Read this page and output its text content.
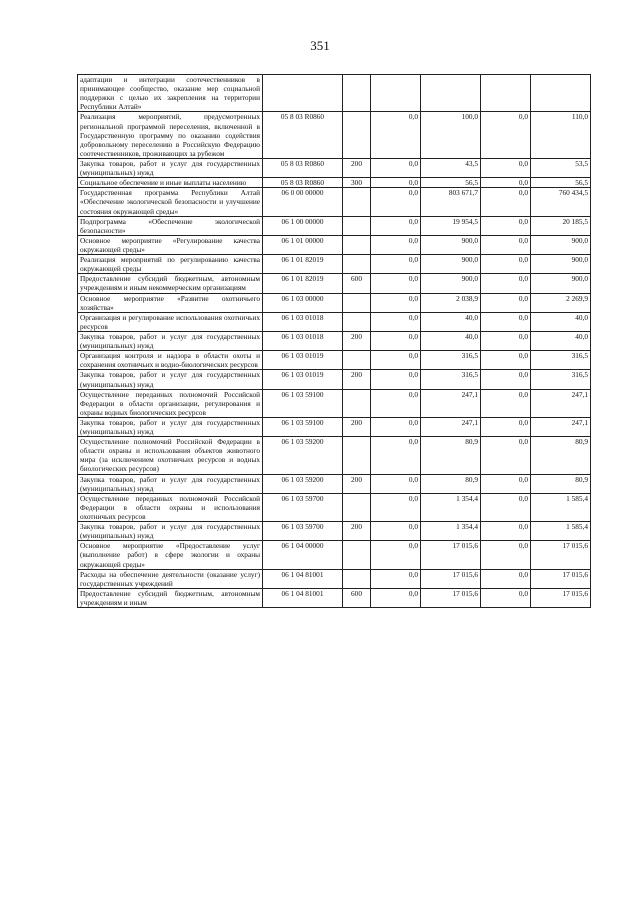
351
адаптации и интеграции соотечественников в принимающее сообщество, оказание мер социальной поддержки с целью их закрепления на территории Республики Алтай»						
Реализация мероприятий, предусмотренных региональной программой переселения, включенной в Государственную программу по оказанию содействия добровольному переселению в Российскую Федерацию соотечественников, проживающих за рубежом	05 8 03 R0860		0,0	100,0	0,0	110,0
Закупка товаров, работ и услуг для государственных (муниципальных) нужд	05 8 03 R0860	200	0,0	43,5	0,0	53,5
Социальное обеспечение и иные выплаты населению	05 8 03 R0860	300	0,0	56,5	0,0	56,5
Государственная программа Республики Алтай «Обеспечение экологической безопасности и улучшение состояния окружающей среды»	06 0 00 00000		0,0	803 671,7	0,0	760 434,5
Подпрограмма «Обеспечение экологической безопасности»	06 1 00 00000		0,0	19 954,5	0,0	20 185,5
Основное мероприятие «Регулирование качества окружающей среды»	06 1 01 00000		0,0	900,0	0,0	900,0
Реализация мероприятий по регулированию качества окружающей среды	06 1 01 82019		0,0	900,0	0,0	900,0
Предоставление субсидий бюджетным, автономным учреждениям и иным некоммерческим организациям	06 1 01 82019	600	0,0	900,0	0,0	900,0
Основное мероприятие «Развитие охотничьего хозяйства»	06 1 03 00000		0,0	2 038,9	0,0	2 269,9
Организация и регулирование использования охотничьих ресурсов	06 1 03 01018		0,0	40,0	0,0	40,0
Закупка товаров, работ и услуг для государственных (муниципальных) нужд	06 1 03 01018	200	0,0	40,0	0,0	40,0
Организация контроля и надзора в области охоты и сохранения охотничьих и водно-биологических ресурсов	06 1 03 01019		0,0	316,5	0,0	316,5
Закупка товаров, работ и услуг для государственных (муниципальных) нужд	06 1 03 01019	200	0,0	316,5	0,0	316,5
Осуществление переданных полномочий Российской Федерации в области организации, регулирования и охраны водных биологических ресурсов	06 1 03 59100		0,0	247,1	0,0	247,1
Закупка товаров, работ и услуг для государственных (муниципальных) нужд	06 1 03 59100	200	0,0	247,1	0,0	247,1
Осуществление полномочий Российской Федерации в области охраны и использования объектов животного мира (за исключением охотничьих ресурсов и водных биологических ресурсов)	06 1 03 59200		0,0	80,9	0,0	80,9
Закупка товаров, работ и услуг для государственных (муниципальных) нужд	06 1 03 59200	200	0,0	80,9	0,0	80,9
Осуществление переданных полномочий Российской Федерации в области охраны и использования охотничьих ресурсов	06 1 03 59700		0,0	1 354,4	0,0	1 585,4
Закупка товаров, работ и услуг для государственных (муниципальных) нужд	06 1 03 59700	200	0,0	1 354,4	0,0	1 585,4
Основное мероприятие «Предоставление услуг (выполнение работ) в сфере экологии и охраны окружающей среды»	06 1 04 00000		0,0	17 015,6	0,0	17 015,6
Расходы на обеспечение деятельности (оказание услуг) государственных учреждений	06 1 04 81001		0,0	17 015,6	0,0	17 015,6
Предоставление субсидий бюджетным, автономным учреждениям и иным	06 1 04 81001	600	0,0	17 015,6	0,0	17 015,6
